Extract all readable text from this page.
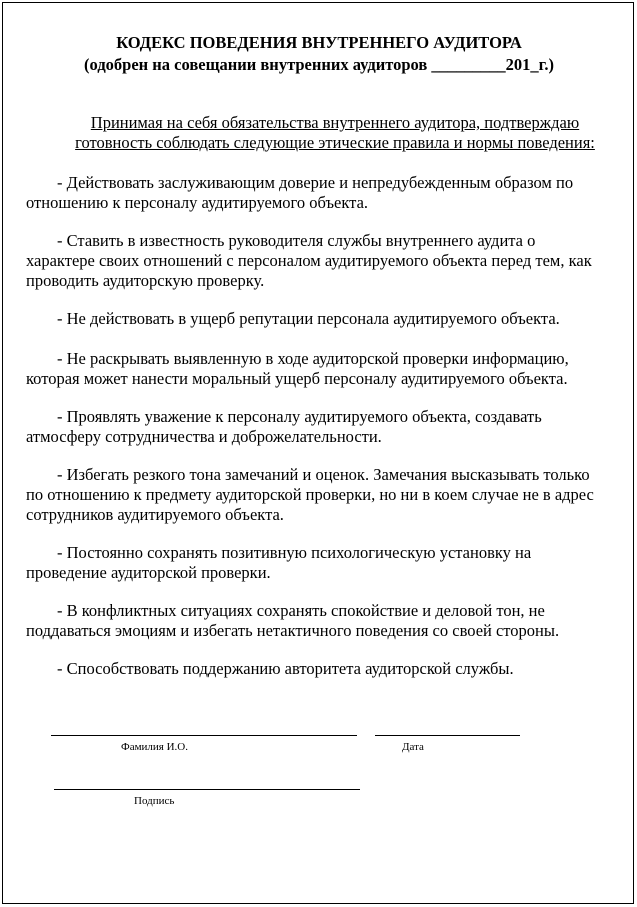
КОДЕКС ПОВЕДЕНИЯ ВНУТРЕННЕГО АУДИТОРА
(одобрен на совещании внутренних аудиторов _________201_г.)
Принимая на себя обязательства внутреннего аудитора, подтверждаю
готовность соблюдать следующие этические правила и нормы поведения:
- Действовать заслуживающим доверие и непредубежденным образом по
отношению к персоналу аудитируемого объекта.
- Ставить в известность руководителя службы внутреннего аудита о
характере своих отношений с персоналом аудитируемого объекта перед тем, как
проводить аудиторскую проверку.
- Не действовать в ущерб репутации персонала аудитируемого объекта.
- Не раскрывать выявленную в ходе аудиторской проверки информацию,
которая может нанести моральный ущерб персоналу аудитируемого объекта.
- Проявлять уважение к персоналу аудитируемого объекта, создавать
атмосферу сотрудничества и доброжелательности.
- Избегать резкого тона замечаний и оценок. Замечания высказывать только
по отношению к предмету аудиторской проверки, но ни в коем случае не в адрес
сотрудников аудитируемого объекта.
- Постоянно сохранять позитивную психологическую установку на
проведение аудиторской проверки.
- В конфликтных ситуациях сохранять спокойствие и деловой тон, не
поддаваться эмоциям и избегать нетактичного поведения со своей стороны.
- Способствовать поддержанию авторитета аудиторской службы.
Фамилия И.О.	Дата
Подпись
